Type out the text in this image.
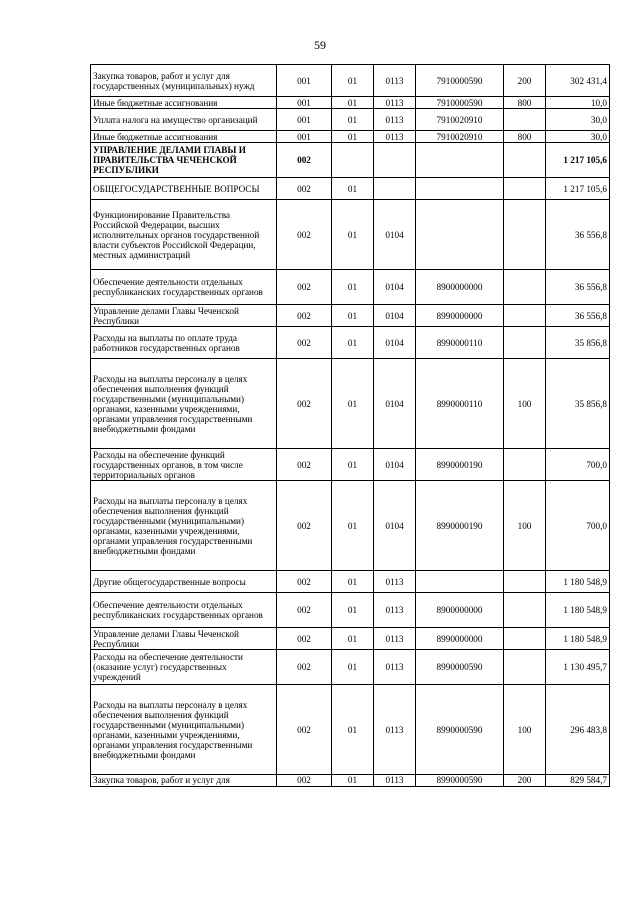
59
Закупка товаров, работ и услуг для государственных (муниципальных) нужд	001	01	0113	7910000590	200	302 431,4
Иные бюджетные ассигнования	001	01	0113	7910000590	800	10,0
Уплата налога на имущество организаций	001	01	0113	7910020910		30,0
Иные бюджетные ассигнования	001	01	0113	7910020910	800	30,0
УПРАВЛЕНИЕ ДЕЛАМИ ГЛАВЫ И ПРАВИТЕЛЬСТВА ЧЕЧЕНСКОЙ РЕСПУБЛИКИ	002					1 217 105,6
ОБЩЕГОСУДАРСТВЕННЫЕ ВОПРОСЫ	002	01				1 217 105,6
Функционирование Правительства Российской Федерации, высших исполнительных органов государственной власти субъектов Российской Федерации, местных администраций	002	01	0104			36 556,8
Обеспечение деятельности отдельных республиканских государственных органов	002	01	0104	8900000000		36 556,8
Управление делами Главы Чеченской Республики	002	01	0104	8990000000		36 556,8
Расходы на выплаты по оплате труда работников государственных органов	002	01	0104	8990000110		35 856,8
Расходы на выплаты персоналу в целях обеспечения выполнения функций государственными (муниципальными) органами, казенными учреждениями, органами управления государственными внебюджетными фондами	002	01	0104	8990000110	100	35 856,8
Расходы на обеспечение функций государственных органов, в том числе территориальных органов	002	01	0104	8990000190		700,0
Расходы на выплаты персоналу в целях обеспечения выполнения функций государственными (муниципальными) органами, казенными учреждениями, органами управления государственными внебюджетными фондами	002	01	0104	8990000190	100	700,0
Другие общегосударственные вопросы	002	01	0113			1 180 548,9
Обеспечение деятельности отдельных республиканских государственных органов	002	01	0113	8900000000		1 180 548,9
Управление делами Главы Чеченской Республики	002	01	0113	8990000000		1 180 548,9
Расходы на обеспечение деятельности (оказание услуг) государственных учреждений	002	01	0113	8990000590		1 130 495,7
Расходы на выплаты персоналу в целях обеспечения выполнения функций государственными (муниципальными) органами, казенными учреждениями, органами управления государственными внебюджетными фондами	002	01	0113	8990000590	100	296 483,8
Закупка товаров, работ и услуг для	002	01	0113	8990000590	200	829 584,7
